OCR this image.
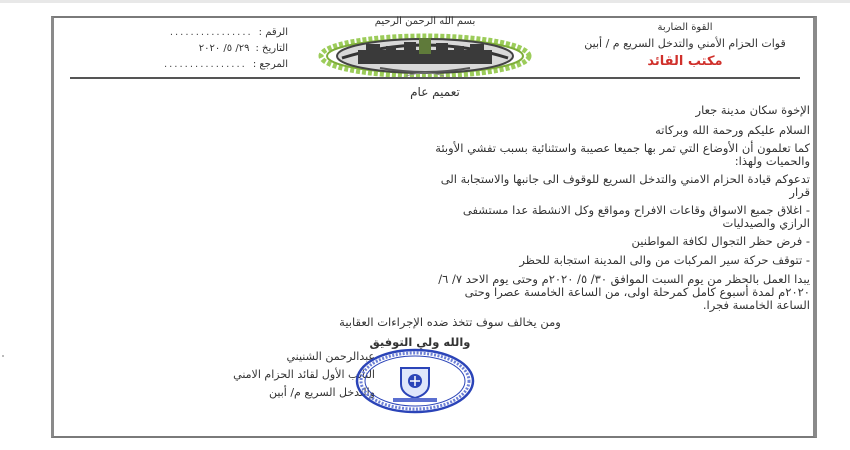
القوة الضاربة
قوات الحزام الأمني والتدخل السريع م / أبين
مكتب القائد
بسم الله الرحمن الرحيم
الرقم :
................
التاريخ :
٢٩/ ٥/ ٢٠٢٠
المرجع :
................
تعميم عام
الإخوة سكان مدينة جعار
السلام عليكم ورحمة الله وبركاته
كما تعلمون أن الأوضاع التي تمر بها جميعا عصيبة واستثنائية بسبب تفشي الأوبئة
والحميات ولهذا:
تدعوكم قيادة الحزام الامني والتدخل السريع للوقوف الى جانبها والاستجابة الى
قرار
- اغلاق جميع الاسواق وقاعات الافراح ومواقع وكل الانشطة عدا مستشفى
الرازي والصيدليات
- فرض حظر التجوال لكافة المواطنين
- تتوقف حركة سير المركبات من والى المدينة استجابة للحظر
يبدا العمل بالحظر من يوم السبت الموافق ٣٠/ ٥/ ٢٠٢٠م وحتى يوم الاحد ٧/ ٦/
٢٠٢٠م لمدة أسبوع كامل كمرحلة اولى، من الساعة الخامسة عصرا وحتى
الساعة الخامسة فجرا.
ومن يخالف سوف تتخذ ضده الإجراءات العقابية
والله ولي التوفيق
عبدالرحمن الشنيني
النائب الأول لقائد الحزام الامني
والتدخل السريع م/ أبين
